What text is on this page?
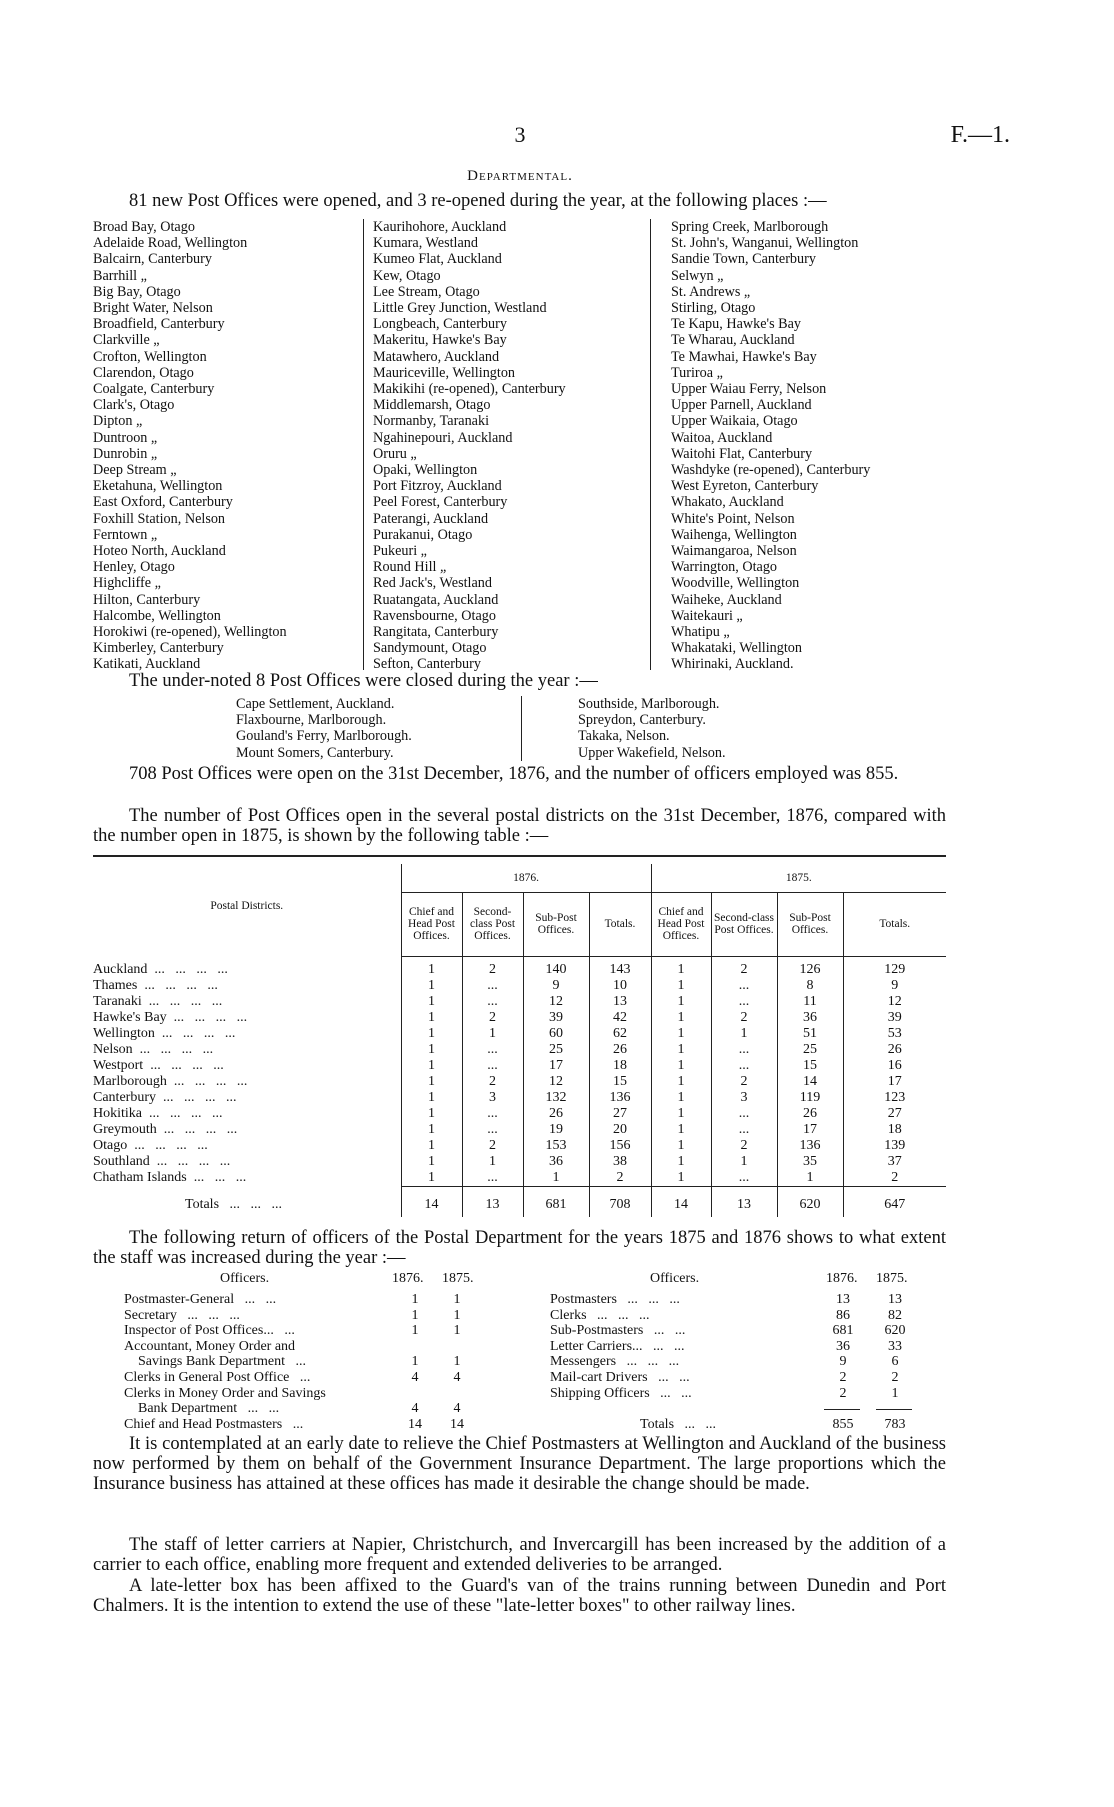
3	F.—1.
Departmental.
81 new Post Offices were opened, and 3 re-opened during the year, at the following places :—
Broad Bay, Otago
Adelaide Road, Wellington
Balcairn, Canterbury
Barrhill „
Big Bay, Otago
Bright Water, Nelson
Broadfield, Canterbury
Clarkville „
Crofton, Wellington
Clarendon, Otago
Coalgate, Canterbury
Clark's, Otago
Dipton „
Duntroon „
Dunrobin „
Deep Stream „
Eketahuna, Wellington
East Oxford, Canterbury
Foxhill Station, Nelson
Ferntown „
Hoteo North, Auckland
Henley, Otago
Highcliffe „
Hilton, Canterbury
Halcombe, Wellington
Horokiwi (re-opened), Wellington
Kimberley, Canterbury
Katikati, Auckland
Kaurihohore, Auckland
Kumara, Westland
Kumeo Flat, Auckland
Kew, Otago
Lee Stream, Otago
Little Grey Junction, Westland
Longbeach, Canterbury
Makeritu, Hawke's Bay
Matawhero, Auckland
Mauriceville, Wellington
Makikihi (re-opened), Canterbury
Middlemarsh, Otago
Normanby, Taranaki
Ngahinepouri, Auckland
Oruru „
Opaki, Wellington
Port Fitzroy, Auckland
Peel Forest, Canterbury
Paterangi, Auckland
Purakanui, Otago
Pukeuri „
Round Hill „
Red Jack's, Westland
Ruatangata, Auckland
Ravensbourne, Otago
Rangitata, Canterbury
Sandymount, Otago
Sefton, Canterbury
Spring Creek, Marlborough
St. John's, Wanganui, Wellington
Sandie Town, Canterbury
Selwyn „
St. Andrews „
Stirling, Otago
Te Kapu, Hawke's Bay
Te Wharau, Auckland
Te Mawhai, Hawke's Bay
Turiroa „
Upper Waiau Ferry, Nelson
Upper Parnell, Auckland
Upper Waikaia, Otago
Waitoa, Auckland
Waitohi Flat, Canterbury
Washdyke (re-opened), Canterbury
West Eyreton, Canterbury
Whakato, Auckland
White's Point, Nelson
Waihenga, Wellington
Waimangaroa, Nelson
Warrington, Otago
Woodville, Wellington
Waiheke, Auckland
Waitekauri „
Whatipu „
Whakataki, Wellington
Whirinaki, Auckland.
The under-noted 8 Post Offices were closed during the year :—
Cape Settlement, Auckland.
Flaxbourne, Marlborough.
Gouland's Ferry, Marlborough.
Mount Somers, Canterbury.
Southside, Marlborough.
Spreydon, Canterbury.
Takaka, Nelson.
Upper Wakefield, Nelson.
708 Post Offices were open on the 31st December, 1876, and the number of officers employed was 855.
The number of Post Offices open in the several postal districts on the 31st December, 1876, compared with the number open in 1875, is shown by the following table :—
Postal Districts.	1876.				1875.			
	Chief and Head Post Offices.	Second-class Post Offices.	Sub-Post Offices.	Totals.	Chief and Head Post Offices.	Second-class Post Offices.	Sub-Post Offices.	Totals.

Auckland  ...   ...   ...   ...	1	2	140	143	1	2	126	129
Thames  ...   ...   ...   ...	1	...	9	10	1	...	8	9
Taranaki  ...   ...   ...   ...	1	...	12	13	1	...	11	12
Hawke's Bay  ...   ...   ...   ...	1	2	39	42	1	2	36	39
Wellington  ...   ...   ...   ...	1	1	60	62	1	1	51	53
Nelson  ...   ...   ...   ...	1	...	25	26	1	...	25	26
Westport  ...   ...   ...   ...	1	...	17	18	1	...	15	16
Marlborough  ...   ...   ...   ...	1	2	12	15	1	2	14	17
Canterbury  ...   ...   ...   ...	1	3	132	136	1	3	119	123
Hokitika  ...   ...   ...   ...	1	...	26	27	1	...	26	27
Greymouth  ...   ...   ...   ...	1	...	19	20	1	...	17	18
Otago  ...   ...   ...   ...	1	2	153	156	1	2	136	139
Southland  ...   ...   ...   ...	1	1	36	38	1	1	35	37
Chatham Islands  ...   ...   ...	1	...	1	2	1	...	1	2
Totals   ...   ...   ...	14	13	681	708	14	13	620	647
The following return of officers of the Postal Department for the years 1875 and 1876 shows to what extent the staff was increased during the year :—
Officers.	1876. 1875.
Postmaster-General   ...   ...	1	1
Secretary   ...   ...   ...	1	1
Inspector of Post Offices...   ...	1	1
Accountant, Money Order and
Savings Bank Department   ...	1	1
Clerks in General Post Office   ...	4	4
Clerks in Money Order and Savings
Bank Department   ...   ...	4	4
Chief and Head Postmasters   ...	14	14
Officers.	1876. 1875.
Postmasters   ...   ...   ...	13	13
Clerks   ...   ...   ...	86	82
Sub-Postmasters   ...   ...	681	620
Letter Carriers...   ...   ...	36	33
Messengers   ...   ...   ...	9	6
Mail-cart Drivers   ...   ...	2	2
Shipping Officers   ...   ...	2	1
Totals   ...   ...	855	783
It is contemplated at an early date to relieve the Chief Postmasters at Wellington and Auckland of the business now performed by them on behalf of the Government Insurance Department. The large proportions which the Insurance business has attained at these offices has made it desirable the change should be made.
The staff of letter carriers at Napier, Christchurch, and Invercargill has been increased by the addition of a carrier to each office, enabling more frequent and extended deliveries to be arranged.
A late-letter box has been affixed to the Guard's van of the trains running between Dunedin and Port Chalmers. It is the intention to extend the use of these "late-letter boxes" to other railway lines.
